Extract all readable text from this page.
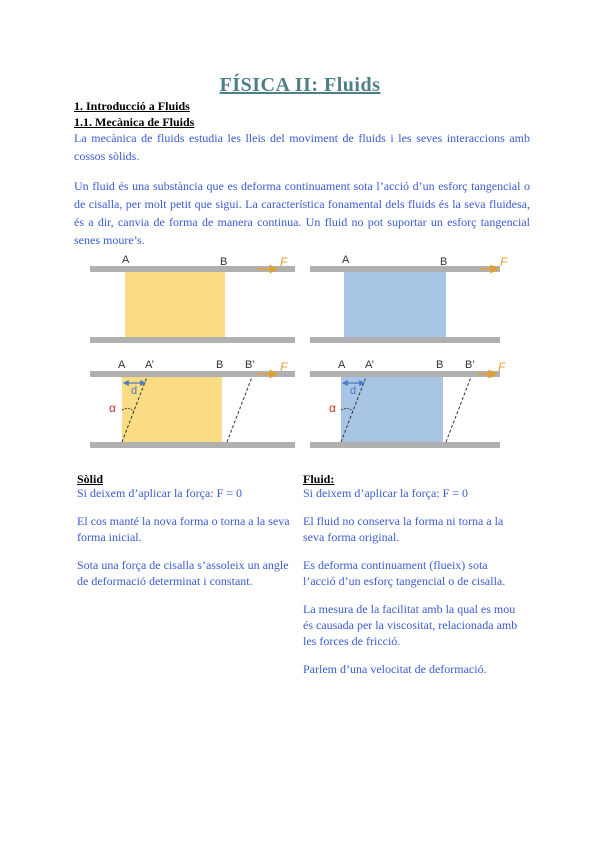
FÍSICA II: Fluids
1. Introducció a Fluids
1.1. Mecànica de Fluids
La mecànica de fluids estudia les lleis del moviment de fluids i les seves interaccions amb cossos sòlids.
Un fluid és una substància que es deforma continuament sota l’acció d’un esforç tangencial o de cisalla, per molt petit que sigui. La característica fonamental dels fluids és la seva fluidesa, és a dir, canvia de forma de manera continua. Un fluid no pot suportar un esforç tangencial senes moure’s.
A	B	F	A	B	F
A A’	B B’
d
α
F	A A’	B B’
d
α
F
Sòlid

Si deixem d’aplicar la força: F = 0

El cos manté la nova forma o torna a la seva forma inicial.

Sota una força de cisalla s’assoleix un angle de deformació determinat i constant.

Fluid:

Si deixem d’aplicar la força: F = 0

El fluid no conserva la forma ni torna a la seva forma original.

Es deforma continuament (flueix) sota l’acció d’un esforç tangencial o de cisalla.

La mesura de la facilitat amb la qual es mou és causada per la viscositat, relacionada amb les forces de fricció.

Parlem d’una velocitat de deformació.
